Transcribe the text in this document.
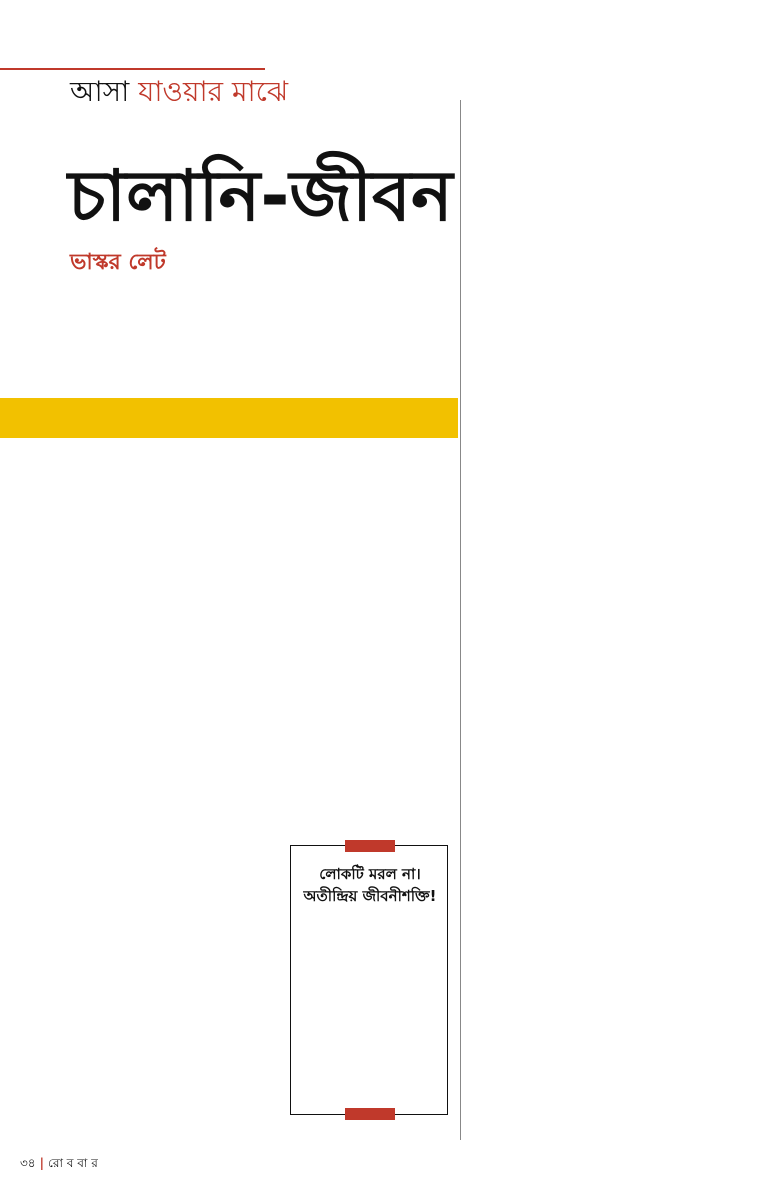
আসা যাওয়ার মাঝে
চালানি-জীবন
ভাস্কর লেট

লোকটি মরল না।
অতীন্দ্রিয় জীবনীশক্তি!
৩৪ | রো ব বা র
